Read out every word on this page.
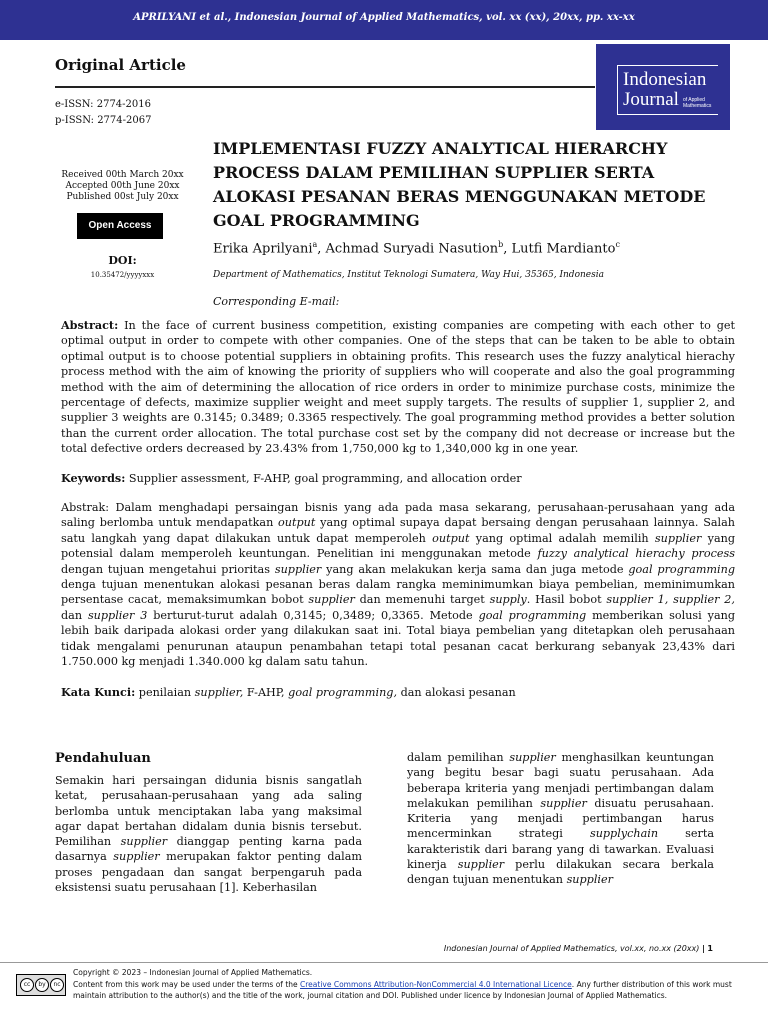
APRILYANI et al., Indonesian Journal of Applied Mathematics, vol. xx (xx), 20xx, pp. xx-xx
Indonesian
Journal of Applied
Mathematics
Original Article
e-ISSN: 2774-2016
p-ISSN: 2774-2067
Received 00th March 20xx
Accepted 00th June 20xx
Published 00st July 20xx
Open Access
DOI:
10.35472/yyyyxxx
IMPLEMENTASI FUZZY ANALYTICAL HIERARCHY PROCESS DALAM PEMILIHAN SUPPLIER SERTA ALOKASI PESANAN BERAS MENGGUNAKAN METODE GOAL PROGRAMMING
Erika Aprilyani$^a$, Achmad Suryadi Nasution$^b$, Lutfi Mardianto$^c$
Department of Mathematics, Institut Teknologi Sumatera, Way Hui, 35365, Indonesia
Corresponding E-mail:
Abstract: In the face of current business competition, existing companies are competing with each other to get optimal output in order to compete with other companies. One of the steps that can be taken to be able to obtain optimal output is to choose potential suppliers in obtaining profits. This research uses the fuzzy analytical hierachy process method with the aim of knowing the priority of suppliers who will cooperate and also the goal programming method with the aim of determining the allocation of rice orders in order to minimize purchase costs, minimize the percentage of defects, maximize supplier weight and meet supply targets. The results of supplier 1, supplier 2, and supplier 3 weights are 0.3145; 0.3489; 0.3365 respectively. The goal programming method provides a better solution than the current order allocation. The total purchase cost set by the company did not decrease or increase but the total defective orders decreased by 23.43% from 1,750,000 kg to 1,340,000 kg in one year.
Keywords: Supplier assessment, F-AHP, goal programming, and allocation order
Abstrak: Dalam menghadapi persaingan bisnis yang ada pada masa sekarang, perusahaan-perusahaan yang ada saling berlomba untuk mendapatkan output yang optimal supaya dapat bersaing dengan perusahaan lainnya. Salah satu langkah yang dapat dilakukan untuk dapat memperoleh output yang optimal adalah memilih supplier yang potensial dalam memperoleh keuntungan. Penelitian ini menggunakan metode fuzzy analytical hierachy process dengan tujuan mengetahui prioritas supplier yang akan melakukan kerja sama dan juga metode goal programming denga tujuan menentukan alokasi pesanan beras dalam rangka meminimumkan biaya pembelian, meminimumkan persentase cacat, memaksimumkan bobot supplier dan memenuhi target supply. Hasil bobot supplier 1, supplier 2, dan supplier 3 berturut-turut adalah 0,3145; 0,3489; 0,3365. Metode goal programming memberikan solusi yang lebih baik daripada alokasi order yang dilakukan saat ini. Total biaya pembelian yang ditetapkan oleh perusahaan tidak mengalami penurunan ataupun penambahan tetapi total pesanan cacat berkurang sebanyak 23,43% dari 1.750.000 kg menjadi 1.340.000 kg dalam satu tahun.
Kata Kunci: penilaian supplier, F-AHP, goal programming, dan alokasi pesanan
Pendahuluan
Semakin hari persaingan didunia bisnis sangatlah ketat, perusahaan-perusahaan yang ada saling berlomba untuk menciptakan laba yang maksimal agar dapat bertahan didalam dunia bisnis tersebut. Pemilihan supplier dianggap penting karna pada dasarnya supplier merupakan faktor penting dalam proses pengadaan dan sangat berpengaruh pada eksistensi suatu perusahaan [1]. Keberhasilan
dalam pemilihan supplier menghasilkan keuntungan yang begitu besar bagi suatu perusahaan. Ada beberapa kriteria yang menjadi pertimbangan dalam melakukan pemilihan supplier disuatu perusahaan. Kriteria yang menjadi pertimbangan harus mencerminkan strategi supplychain serta karakteristik dari barang yang di tawarkan. Evaluasi kinerja supplier perlu dilakukan secara berkala dengan tujuan menentukan supplier
Indonesian Journal of Applied Mathematics, vol.xx, no.xx (20xx) | 1
cc	by	nc
Copyright © 2023 – Indonesian Journal of Applied Mathematics.
Content from this work may be used under the terms of the Creative Commons Attribution-NonCommercial 4.0 International Licence. Any further distribution of this work must maintain attribution to the author(s) and the title of the work, journal citation and DOI. Published under licence by Indonesian Journal of Applied Mathematics.
